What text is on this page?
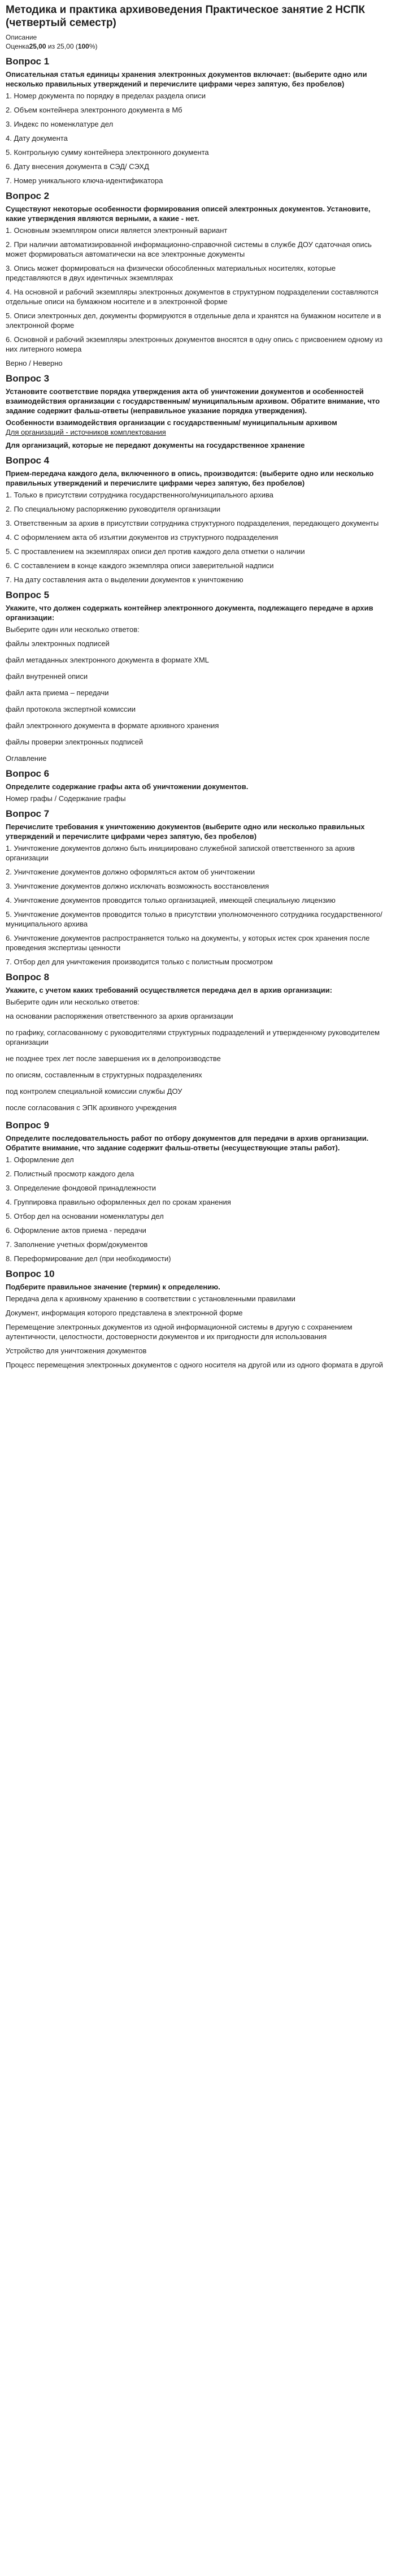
Методика и практика архивоведения Практическое занятие 2 НСПК (четвертый семестр)
Описание
Оценка25,00 из 25,00 (100%)
Вопрос 1
Описательная статья единицы хранения электронных документов включает: (выберите одно или несколько правильных утверждений и перечислите цифрами через запятую, без пробелов)
1. Номер документа по порядку в пределах раздела описи
2. Объем контейнера электронного документа в Мб
3. Индекс по номенклатуре дел
4. Дату документа
5. Контрольную сумму контейнера электронного документа
6. Дату внесения документа в СЭД/ СЭХД
7. Номер уникального ключа-идентификатора
Вопрос 2
Существуют некоторые особенности формирования описей электронных документов. Установите, какие утверждения являются верными, а какие - нет.
1. Основным экземпляром описи является электронный вариант
2. При наличии автоматизированной информационно-справочной системы в службе ДОУ сдаточная опись может формироваться автоматически на все электронные документы
3. Опись может формироваться на физически обособленных материальных носителях, которые представляются в двух идентичных экземплярах
4. На основной и рабочий экземпляры электронных документов в структурном подразделении составляются отдельные описи на бумажном носителе и в электронной форме
5. Описи электронных дел, документы формируются в отдельные дела и хранятся на бумажном носителе и в электронной форме
6. Основной и рабочий экземпляры электронных документов вносятся в одну опись с присвоением одному из них литерного номера
Верно / Неверно
Вопрос 3
Установите соответствие порядка утверждения акта об уничтожении документов и особенностей взаимодействия организации с государственным/ муниципальным архивом. Обратите внимание, что задание содержит фальш-ответы (неправильное указание порядка утверждения).
Особенности взаимодействия организации с государственным/ муниципальным архивом
Для организаций - источников комплектования
Для организаций, которые не передают документы на государственное хранение
Вопрос 4
Прием-передача каждого дела, включенного в опись, производится: (выберите одно или несколько правильных утверждений и перечислите цифрами через запятую, без пробелов)
1. Только в присутствии сотрудника государственного/муниципального архива
2. По специальному распоряжению руководителя организации
3. Ответственным за архив в присутствии сотрудника структурного подразделения, передающего документы
4. С оформлением акта об изъятии документов из структурного подразделения
5. С проставлением на экземплярах описи дел против каждого дела отметки о наличии
6. С составлением в конце каждого экземпляра описи заверительной надписи
7. На дату составления акта о выделении документов к уничтожению
Вопрос 5
Укажите, что должен содержать контейнер электронного документа, подлежащего передаче в архив организации:
Выберите один или несколько ответов:
файлы электронных подписей
файл метаданных электронного документа в формате XML
файл внутренней описи
файл акта приема – передачи
файл протокола экспертной комиссии
файл электронного документа в формате архивного хранения
файлы проверки электронных подписей
Оглавление
Вопрос 6
Определите содержание графы акта об уничтожении документов.
Номер графы / Содержание графы
Вопрос 7
Перечислите требования к уничтожению документов (выберите одно или несколько правильных утверждений и перечислите цифрами через запятую, без пробелов)
1. Уничтожение документов должно быть инициировано служебной запиской ответственного за архив организации
2. Уничтожение документов должно оформляться актом об уничтожении
3. Уничтожение документов должно исключать возможность восстановления
4. Уничтожение документов проводится только организацией, имеющей специальную лицензию
5. Уничтожение документов проводится только в присутствии уполномоченного сотрудника государственного/муниципального архива
6. Уничтожение документов распространяется только на документы, у которых истек срок хранения после проведения экспертизы ценности
7. Отбор дел для уничтожения производится только с полистным просмотром
Вопрос 8
Укажите, с учетом каких требований осуществляется передача дел в архив организации:
Выберите один или несколько ответов:
на основании распоряжения ответственного за архив организации
по графику, согласованному с руководителями структурных подразделений и утвержденному руководителем организации
не позднее трех лет после завершения их в делопроизводстве
по описям, составленным в структурных подразделениях
под контролем специальной комиссии службы ДОУ
после согласования с ЭПК архивного учреждения
Вопрос 9
Определите последовательность работ по отбору документов для передачи в архив организации. Обратите внимание, что задание содержит фальш-ответы (несуществующие этапы работ).
1. Оформление дел
2. Полистный просмотр каждого дела
3. Определение фондовой принадлежности
4. Группировка правильно оформленных дел по срокам хранения
5. Отбор дел на основании номенклатуры дел
6. Оформление актов приема - передачи
7. Заполнение учетных форм/документов
8. Переформирование дел (при необходимости)
Вопрос 10
Подберите правильное значение (термин) к определению.
Передача дела к архивному хранению в соответствии с установленными правилами
Документ, информация которого представлена в электронной форме
Перемещение электронных документов из одной информационной системы в другую с сохранением аутентичности, целостности, достоверности документов и их пригодности для использования
Устройство для уничтожения документов
Процесс перемещения электронных документов с одного носителя на другой или из одного формата в другой
